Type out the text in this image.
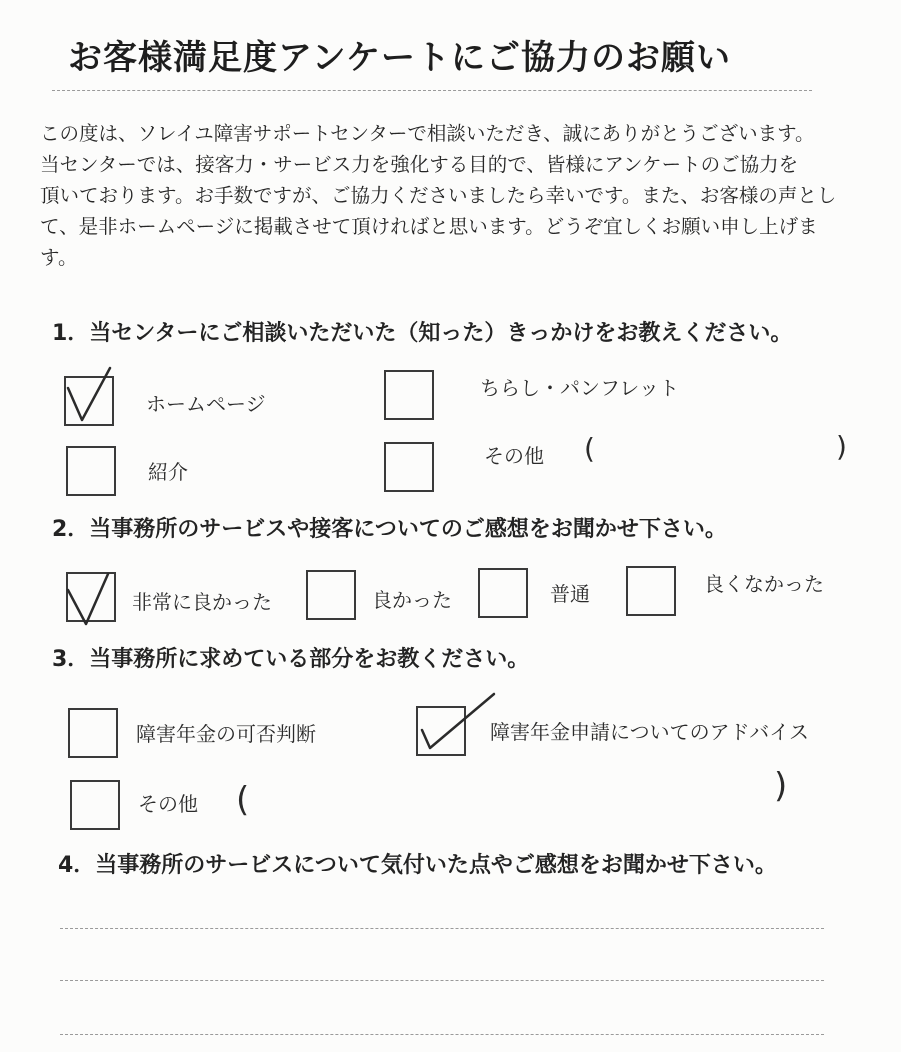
お客様満足度アンケートにご協力のお願い
この度は、ソレイユ障害サポートセンターで相談いただき、誠にありがとうございます。
当センターでは、接客力・サービス力を強化する目的で、皆様にアンケートのご協力を
頂いております。お手数ですが、ご協力くださいましたら幸いです。また、お客様の声とし
て、是非ホームページに掲載させて頂ければと思います。どうぞ宜しくお願い申し上げま
す。
1．当センターにご相談いただいた（知った）きっかけをお教えください。
ホームページ
ちらし・パンフレット
紹介
その他 (	)
2．当事務所のサービスや接客についてのご感想をお聞かせ下さい。
非常に良かった	良かった	普通	良くなかった
3．当事務所に求めている部分をお教ください。
障害年金の可否判断	障害年金申請についてのアドバイス
その他 (	)
4．当事務所のサービスについて気付いた点やご感想をお聞かせ下さい。
